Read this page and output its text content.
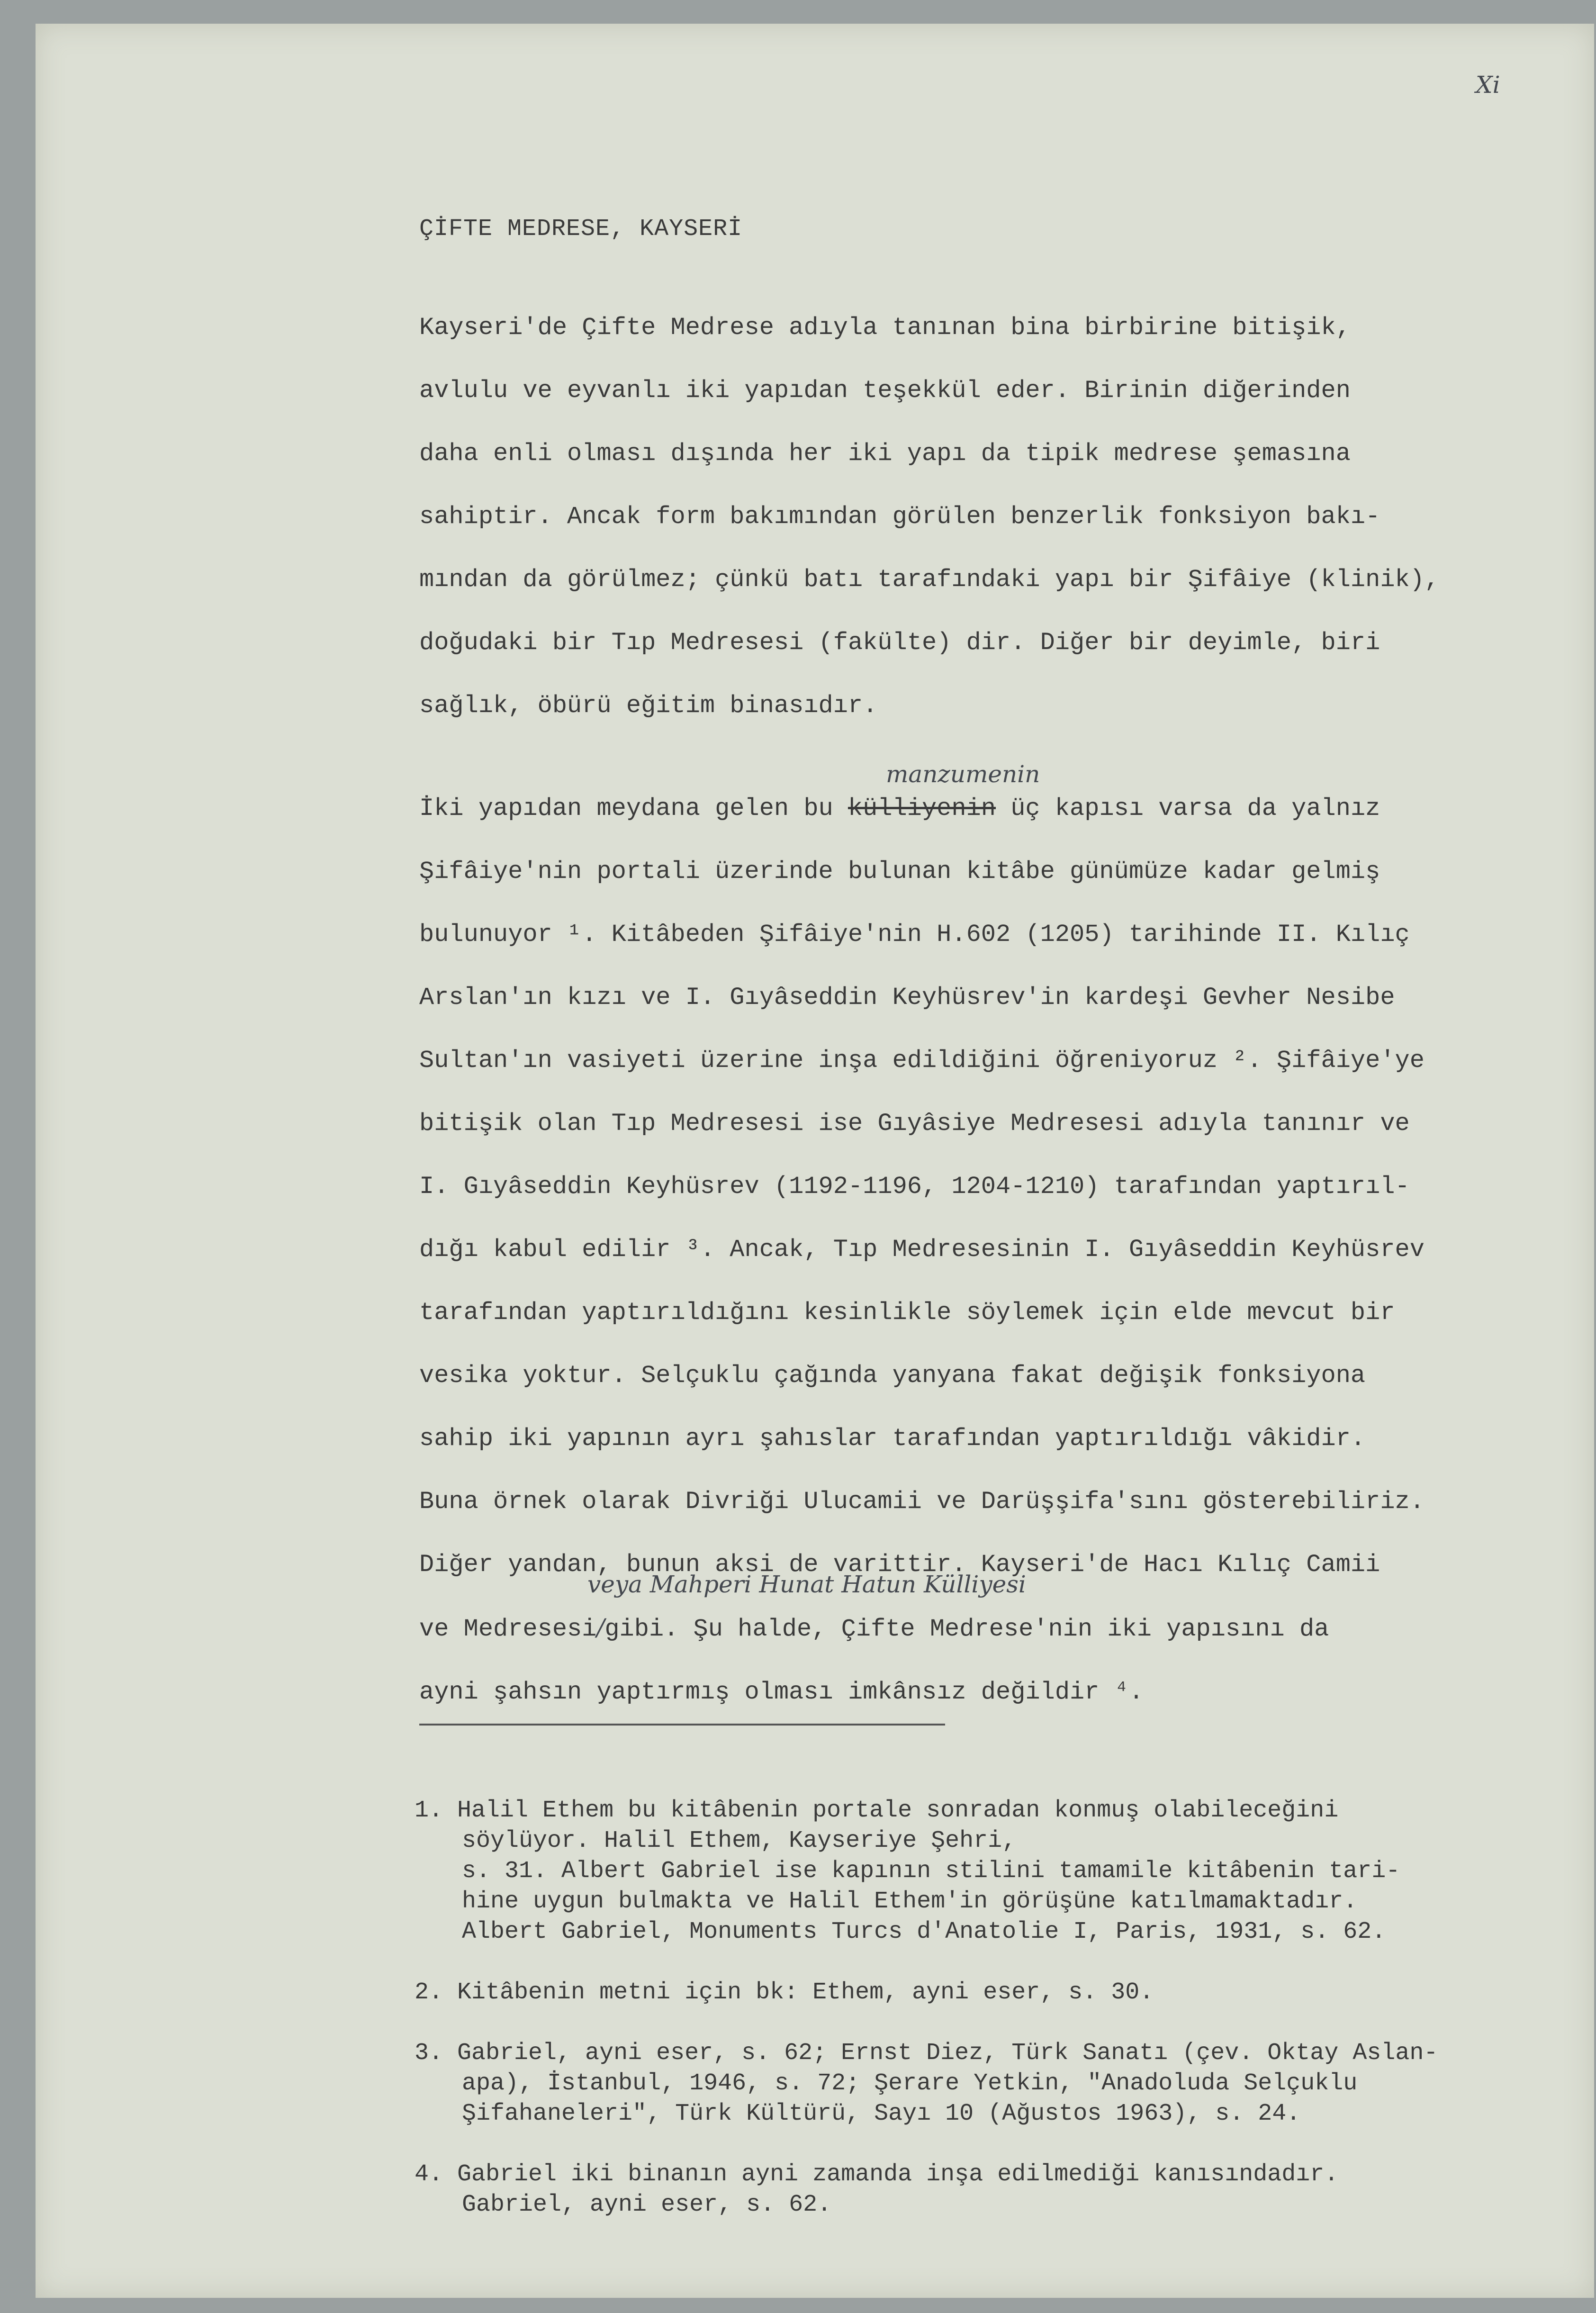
Xi
ÇİFTE MEDRESE, KAYSERİ

Kayseri'de Çifte Medrese adıyla tanınan bina birbirine bitişik,
avlulu ve eyvanlı iki yapıdan teşekkül eder. Birinin diğerinden
daha enli olması dışında her iki yapı da tipik medrese şemasına
sahiptir. Ancak form bakımından görülen benzerlik fonksiyon bakı-
mından da görülmez; çünkü batı tarafındaki yapı bir Şifâiye (klinik),
doğudaki bir Tıp Medresesi (fakülte) dir. Diğer bir deyimle, biri
sağlık, öbürü eğitim binasıdır.

manzumenin

İki yapıdan meydana gelen bu külliyenin üç kapısı varsa da yalnız
Şifâiye'nin portali üzerinde bulunan kitâbe günümüze kadar gelmiş
bulunuyor ¹. Kitâbeden Şifâiye'nin H.602 (1205) tarihinde II. Kılıç
Arslan'ın kızı ve I. Gıyâseddin Keyhüsrev'in kardeşi Gevher Nesibe
Sultan'ın vasiyeti üzerine inşa edildiğini öğreniyoruz ². Şifâiye'ye
bitişik olan Tıp Medresesi ise Gıyâsiye Medresesi adıyla tanınır ve
I. Gıyâseddin Keyhüsrev (1192-1196, 1204-1210) tarafından yaptırıl-
dığı kabul edilir ³. Ancak, Tıp Medresesinin I. Gıyâseddin Keyhüsrev
tarafından yaptırıldığını kesinlikle söylemek için elde mevcut bir
vesika yoktur. Selçuklu çağında yanyana fakat değişik fonksiyona
sahip iki yapının ayrı şahıslar tarafından yaptırıldığı vâkidir.
Buna örnek olarak Divriği Ulucamii ve Darüşşifa'sını gösterebiliriz.
Diğer yandan, bunun aksi de varittir. Kayseri'de Hacı Kılıç Camii
ve Medresesi/gibi. Şu halde, Çifte Medrese'nin iki yapısını da
ayni şahsın yaptırmış olması imkânsız değildir ⁴.

veya Mahperi Hunat Hatun Külliyesi
1. Halil Ethem bu kitâbenin portale sonradan konmuş olabileceğini
söylüyor. Halil Ethem, Kayseriye Şehri,
s. 31. Albert Gabriel ise kapının stilini tamamile kitâbenin tari-
hine uygun bulmakta ve Halil Ethem'in görüşüne katılmamaktadır.
Albert Gabriel, Monuments Turcs d'Anatolie I, Paris, 1931, s. 62.
2. Kitâbenin metni için bk: Ethem, ayni eser, s. 30.
3. Gabriel, ayni eser, s. 62; Ernst Diez, Türk Sanatı (çev. Oktay Aslan-
apa), İstanbul, 1946, s. 72; Şerare Yetkin, "Anadoluda Selçuklu
Şifahaneleri", Türk Kültürü, Sayı 10 (Ağustos 1963), s. 24.
4. Gabriel iki binanın ayni zamanda inşa edilmediği kanısındadır.
Gabriel, ayni eser, s. 62.
